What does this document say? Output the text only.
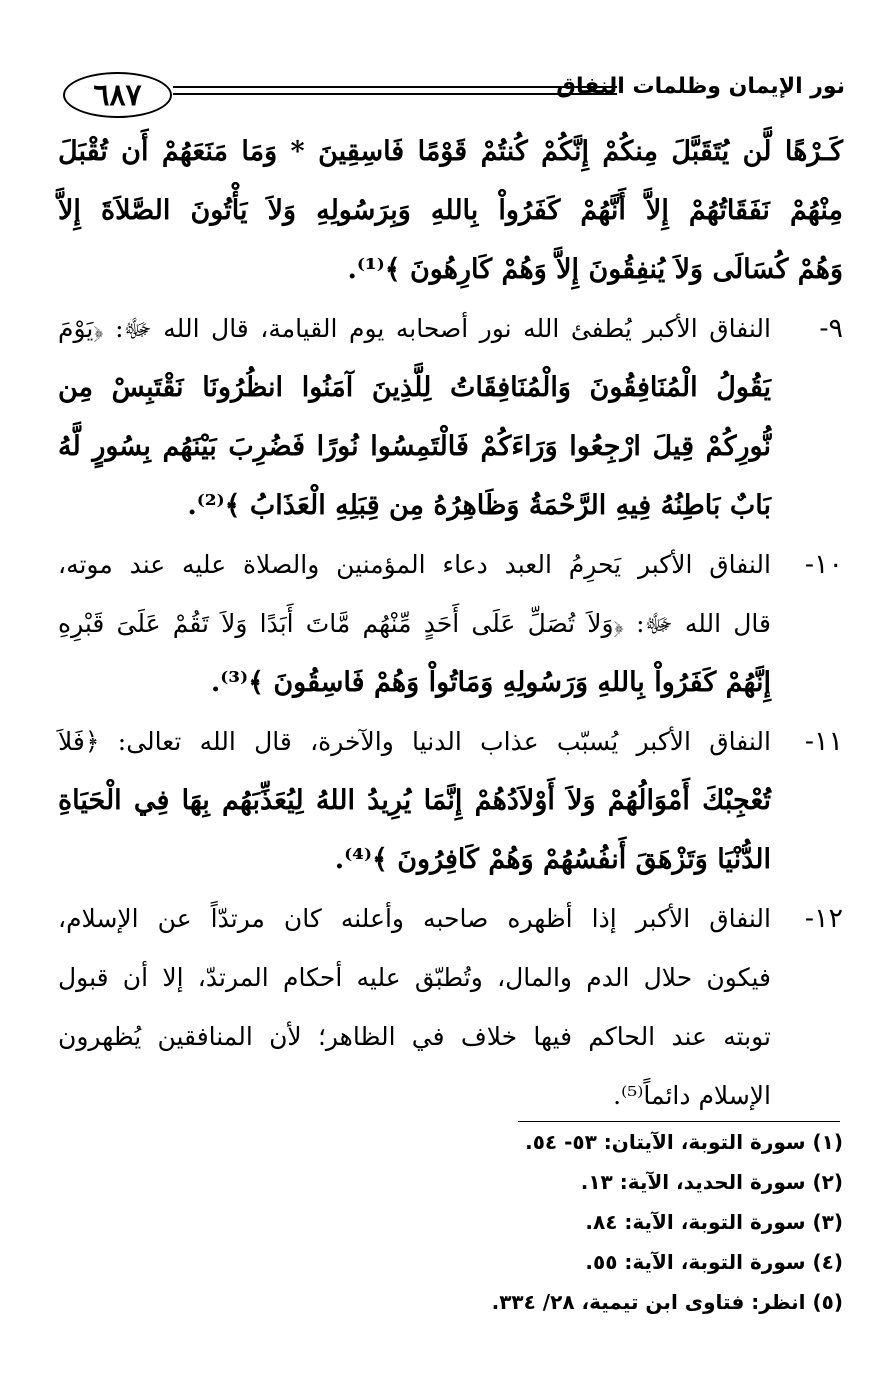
٦٨٧	نور الإيمان وظلمات النفاق

كَـرْهًا لَّن يُتَقَبَّلَ مِنكُمْ إِنَّكُمْ كُنتُمْ قَوْمًا فَاسِقِينَ * وَمَا مَنَعَهُمْ أَن تُقْبَلَ

مِنْهُمْ نَفَقَاتُهُمْ إِلاَّ أَنَّهُمْ كَفَرُواْ بِاللهِ وَبِرَسُولِهِ وَلاَ يَأْتُونَ الصَّلاَةَ إِلاَّ

وَهُمْ كُسَالَى وَلاَ يُنفِقُونَ إِلاَّ وَهُمْ كَارِهُونَ ﴾⁽¹⁾.

٩-

النفاق الأكبر يُطفئ الله نور أصحابه يوم القيامة، قال الله ﷻ: ﴿يَوْمَ

يَقُولُ الْمُنَافِقُونَ وَالْمُنَافِقَاتُ لِلَّذِينَ آمَنُوا انظُرُونَا نَقْتَبِسْ مِن

نُّورِكُمْ قِيلَ ارْجِعُوا وَرَاءَكُمْ فَالْتَمِسُوا نُورًا فَضُرِبَ بَيْنَهُم بِسُورٍ لَّهُ

بَابٌ بَاطِنُهُ فِيهِ الرَّحْمَةُ وَظَاهِرُهُ مِن قِبَلِهِ الْعَذَابُ ﴾⁽²⁾.

١٠-

النفاق الأكبر يَحرِمُ العبد دعاء المؤمنين والصلاة عليه عند موته،

قال الله ﷻ: ﴿وَلاَ تُصَلِّ عَلَى أَحَدٍ مِّنْهُم مَّاتَ أَبَدًا وَلاَ تَقُمْ عَلَىَ قَبْرِهِ

إِنَّهُمْ كَفَرُواْ بِاللهِ وَرَسُولِهِ وَمَاتُواْ وَهُمْ فَاسِقُونَ ﴾⁽³⁾.

١١-

النفاق الأكبر يُسبّب عذاب الدنيا والآخرة، قال الله تعالى: ﴿فَلاَ

تُعْجِبْكَ أَمْوَالُهُمْ وَلاَ أَوْلاَدُهُمْ إِنَّمَا يُرِيدُ اللهُ لِيُعَذِّبَهُم بِهَا فِي الْحَيَاةِ

الدُّنْيَا وَتَزْهَقَ أَنفُسُهُمْ وَهُمْ كَافِرُونَ ﴾⁽⁴⁾.

١٢-

النفاق الأكبر إذا أظهره صاحبه وأعلنه كان مرتدّاً عن الإسلام،

فيكون حلال الدم والمال، وتُطبّق عليه أحكام المرتدّ، إلا أن قبول

توبته عند الحاكم فيها خلاف في الظاهر؛ لأن المنافقين يُظهرون

الإسلام دائماً⁽⁵⁾.

(١) سورة التوبة، الآيتان: ٥٣- ٥٤.

(٢) سورة الحديد، الآية: ١٣.

(٣) سورة التوبة، الآية: ٨٤.

(٤) سورة التوبة، الآية: ٥٥.

(٥) انظر: فتاوى ابن تيمية، ٢٨/ ٣٣٤.
